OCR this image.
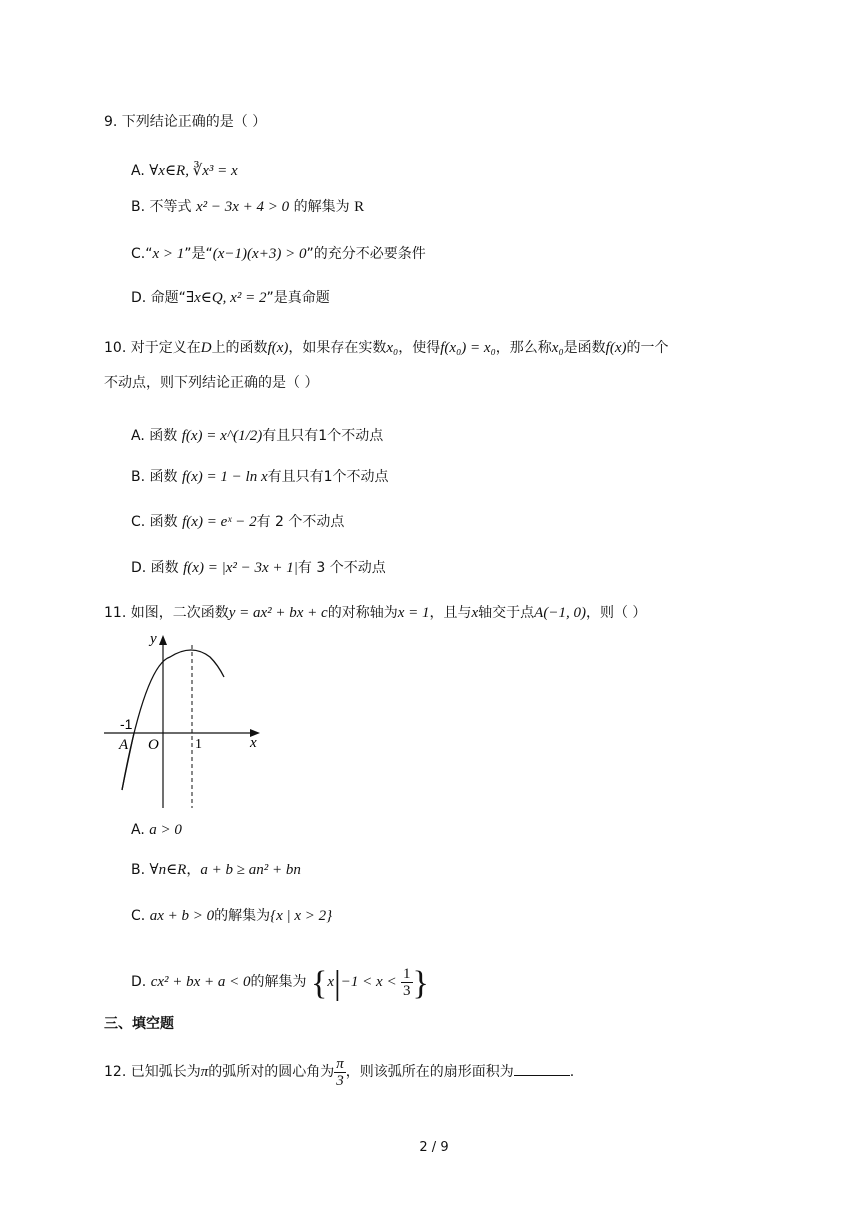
9. 下列结论正确的是（ ）
A. ∀x∈R, ∛x³ = x
B. 不等式 x² − 3x + 4 > 0 的解集为 R
C.“x > 1”是“(x−1)(x+3) > 0”的充分不必要条件
D. 命题“∃x∈Q, x² = 2”是真命题
10. 对于定义在D上的函数f(x)，如果存在实数x₀，使得f(x₀) = x₀，那么称x₀是函数f(x)的一个
不动点，则下列结论正确的是（ ）
A. 函数 f(x) = x^(1/2)有且只有1个不动点
B. 函数 f(x) = 1 − ln x有且只有1个不动点
C. 函数 f(x) = eˣ − 2有 2 个不动点
D. 函数 f(x) = |x² − 3x + 1|有 3 个不动点
11. 如图，二次函数y = ax² + bx + c的对称轴为x = 1，且与x轴交于点A(−1, 0)，则（ ）
y
x
O
A
-1
1
A. a > 0
B. ∀n∈R，a + b ≥ an² + bn
C. ax + b > 0的解集为{x | x > 2}
D. cx² + bx + a < 0的解集为 {$x|-1 < x < \frac{1}{3}$ }
三、填空题
12. 已知弧长为π的弧所对的圆心角为 $\frac{\pi}{3}$ ，则该弧所在的扇形面积为	.
2 / 9
